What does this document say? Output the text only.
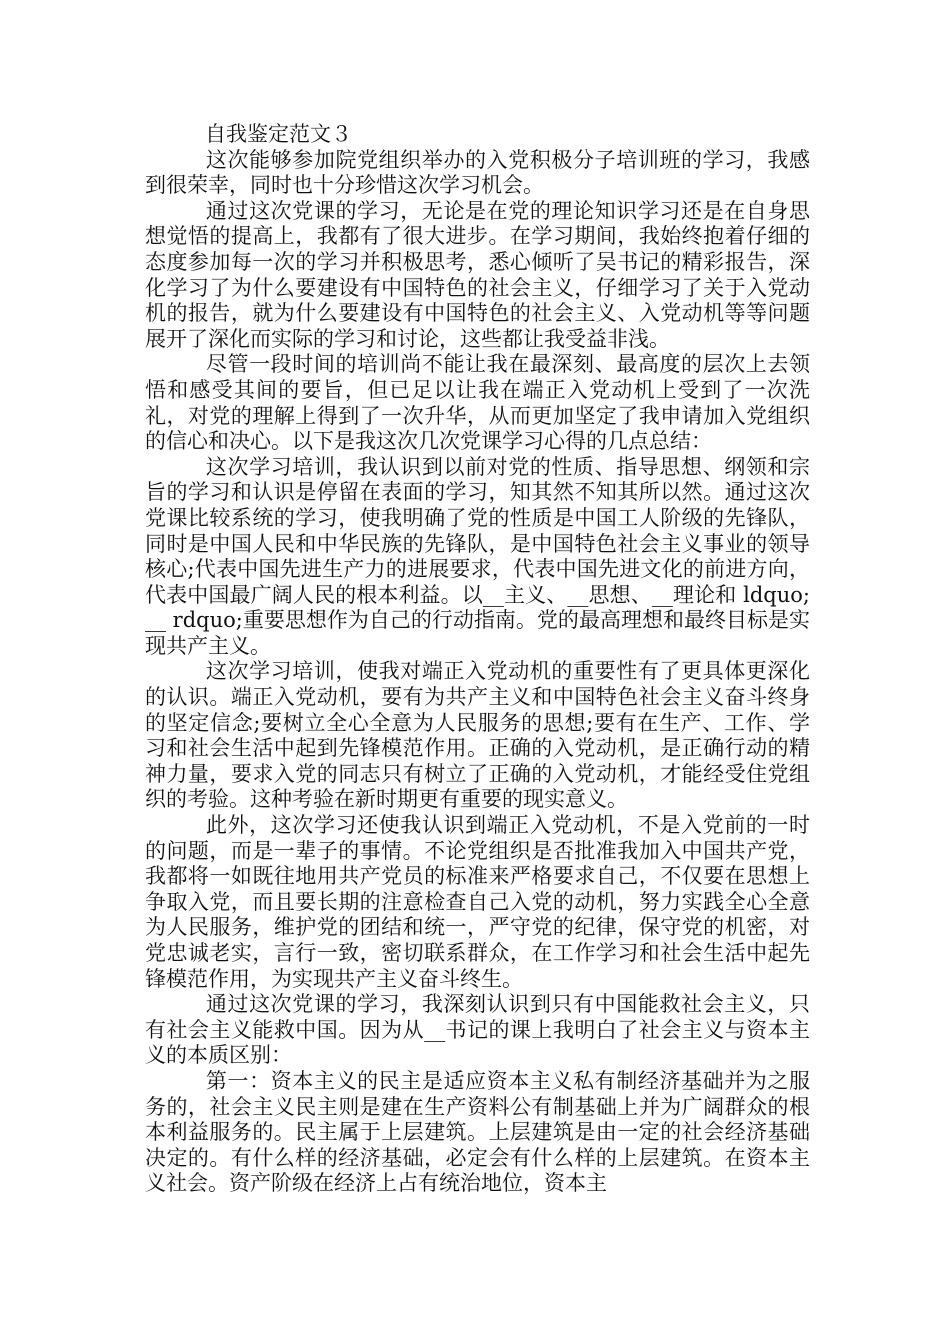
自我鉴定范文３

这次能够参加院党组织举办的入党积极分子培训班的学习，我感到很荣幸，同时也十分珍惜这次学习机会。

通过这次党课的学习，无论是在党的理论知识学习还是在自身思想觉悟的提高上，我都有了很大进步。在学习期间，我始终抱着仔细的态度参加每一次的学习并积极思考，悉心倾听了吴书记的精彩报告，深化学习了为什么要建设有中国特色的社会主义，仔细学习了关于入党动机的报告，就为什么要建设有中国特色的社会主义、入党动机等等问题展开了深化而实际的学习和讨论，这些都让我受益非浅。

尽管一段时间的培训尚不能让我在最深刻、最高度的层次上去领悟和感受其间的要旨，但已足以让我在端正入党动机上受到了一次洗礼，对党的理解上得到了一次升华，从而更加坚定了我申请加入党组织的信心和决心。以下是我这次几次党课学习心得的几点总结：

这次学习培训，我认识到以前对党的性质、指导思想、纲领和宗旨的学习和认识是停留在表面的学习，知其然不知其所以然。通过这次党课比较系统的学习，使我明确了党的性质是中国工人阶级的先锋队，同时是中国人民和中华民族的先锋队，是中国特色社会主义事业的领导核心;代表中国先进生产力的进展要求，代表中国先进文化的前进方向，代表中国最广阔人民的根本利益。以__主义、__思想、__理论和 ldquo;__ rdquo;重要思想作为自己的行动指南。党的最高理想和最终目标是实现共产主义。

这次学习培训，使我对端正入党动机的重要性有了更具体更深化的认识。端正入党动机，要有为共产主义和中国特色社会主义奋斗终身的坚定信念;要树立全心全意为人民服务的思想;要有在生产、工作、学习和社会生活中起到先锋模范作用。正确的入党动机，是正确行动的精神力量，要求入党的同志只有树立了正确的入党动机，才能经受住党组织的考验。这种考验在新时期更有重要的现实意义。

此外，这次学习还使我认识到端正入党动机，不是入党前的一时的问题，而是一辈子的事情。不论党组织是否批准我加入中国共产党，我都将一如既往地用共产党员的标准来严格要求自己，不仅要在思想上争取入党，而且要长期的注意检查自己入党的动机，努力实践全心全意为人民服务，维护党的团结和统一，严守党的纪律，保守党的机密，对党忠诚老实，言行一致，密切联系群众，在工作学习和社会生活中起先锋模范作用，为实现共产主义奋斗终生。

通过这次党课的学习，我深刻认识到只有中国能救社会主义，只有社会主义能救中国。因为从__书记的课上我明白了社会主义与资本主义的本质区别：

第一：资本主义的民主是适应资本主义私有制经济基础并为之服务的，社会主义民主则是建在生产资料公有制基础上并为广阔群众的根本利益服务的。民主属于上层建筑。上层建筑是由一定的社会经济基础决定的。有什么样的经济基础，必定会有什么样的上层建筑。在资本主义社会。资产阶级在经济上占有统治地位，资本主
